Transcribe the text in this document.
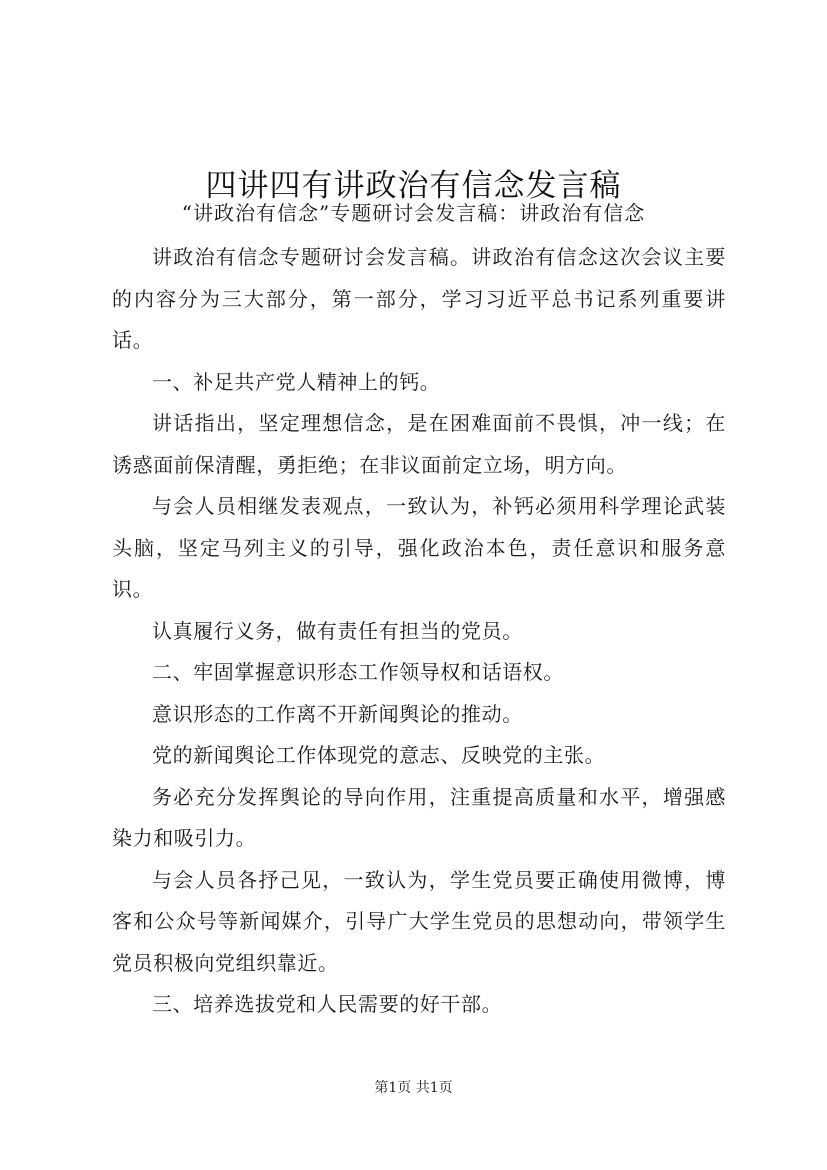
四讲四有讲政治有信念发言稿
“讲政治有信念”专题研讨会发言稿：讲政治有信念

讲政治有信念专题研讨会发言稿。讲政治有信念这次会议主要的内容分为三大部分，第一部分，学习习近平总书记系列重要讲话。

一、补足共产党人精神上的钙。

讲话指出，坚定理想信念，是在困难面前不畏惧，冲一线；在诱惑面前保清醒，勇拒绝；在非议面前定立场，明方向。

与会人员相继发表观点，一致认为，补钙必须用科学理论武装头脑，坚定马列主义的引导，强化政治本色，责任意识和服务意识。

认真履行义务，做有责任有担当的党员。

二、牢固掌握意识形态工作领导权和话语权。

意识形态的工作离不开新闻舆论的推动。

党的新闻舆论工作体现党的意志、反映党的主张。

务必充分发挥舆论的导向作用，注重提高质量和水平，增强感染力和吸引力。

与会人员各抒己见，一致认为，学生党员要正确使用微博，博客和公众号等新闻媒介，引导广大学生党员的思想动向，带领学生党员积极向党组织靠近。

三、培养选拔党和人民需要的好干部。

第1页 共1页
